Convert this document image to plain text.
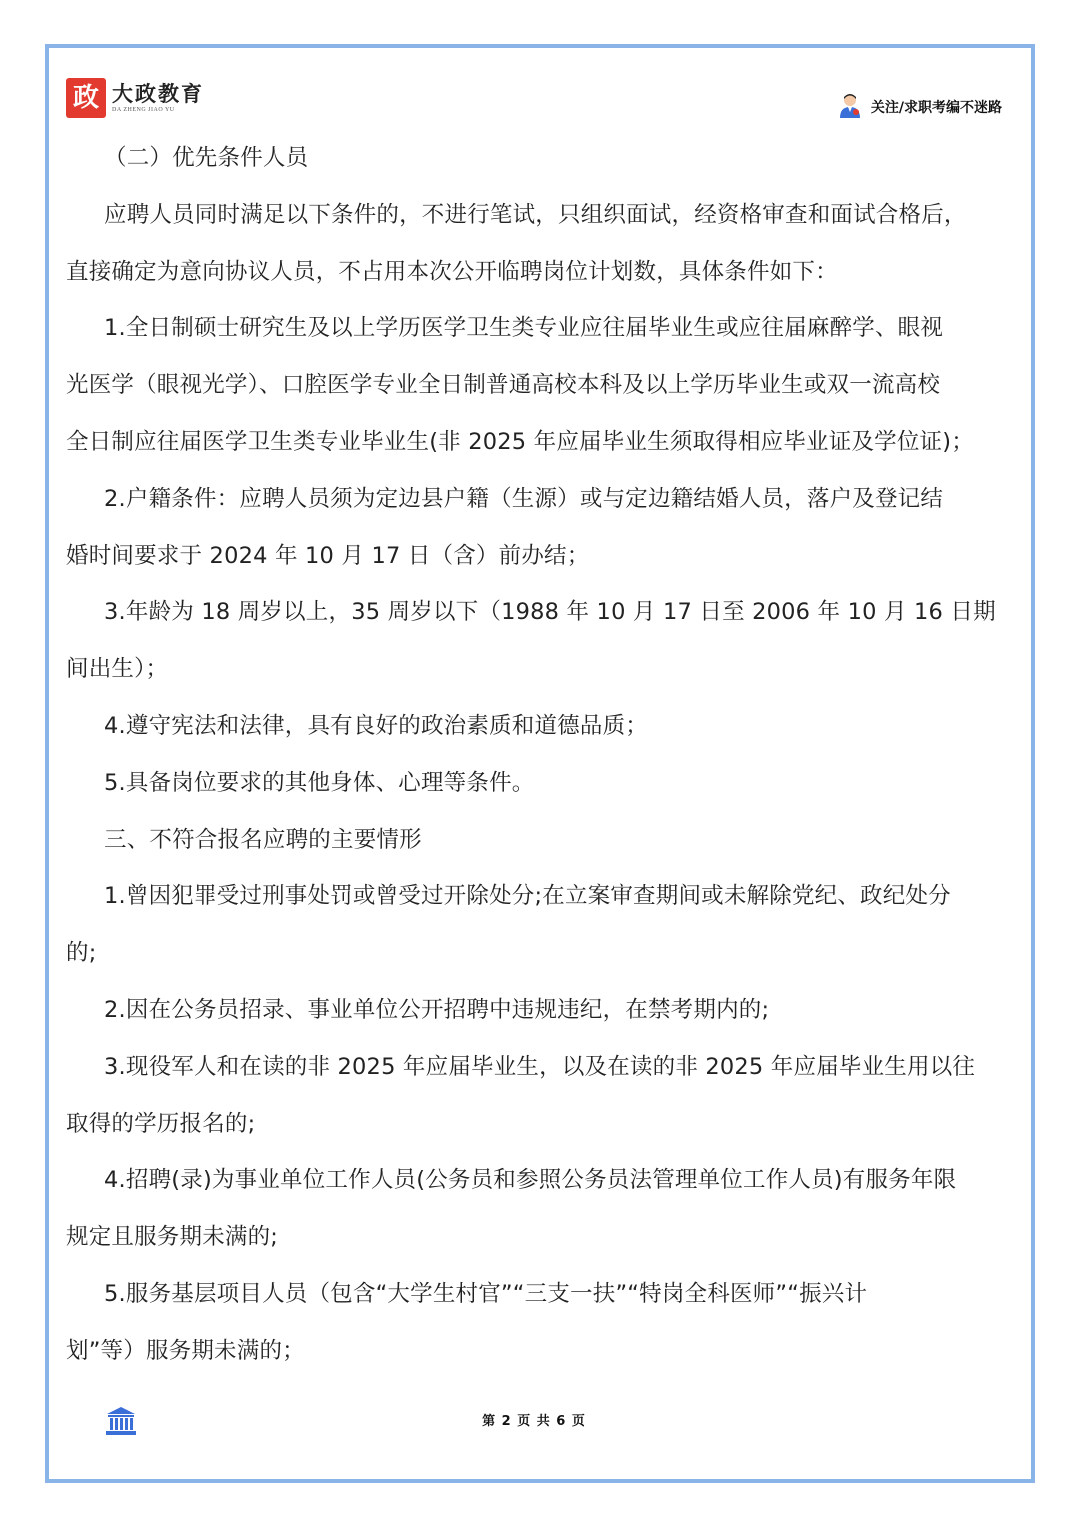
政 大政教育
DA ZHENG JIAO YU	关注/求职考编不迷路

（二）优先条件人员

应聘人员同时满足以下条件的，不进行笔试，只组织面试，经资格审查和面试合格后，

直接确定为意向协议人员，不占用本次公开临聘岗位计划数，具体条件如下：

1.全日制硕士研究生及以上学历医学卫生类专业应往届毕业生或应往届麻醉学、眼视

光医学（眼视光学）、口腔医学专业全日制普通高校本科及以上学历毕业生或双一流高校

全日制应往届医学卫生类专业毕业生(非 2025 年应届毕业生须取得相应毕业证及学位证)；

2.户籍条件：应聘人员须为定边县户籍（生源）或与定边籍结婚人员，落户及登记结

婚时间要求于 2024 年 10 月 17 日（含）前办结；

3.年龄为 18 周岁以上，35 周岁以下（1988 年 10 月 17 日至 2006 年 10 月 16 日期

间出生）；

4.遵守宪法和法律，具有良好的政治素质和道德品质；

5.具备岗位要求的其他身体、心理等条件。

三、不符合报名应聘的主要情形

1.曾因犯罪受过刑事处罚或曾受过开除处分;在立案审查期间或未解除党纪、政纪处分

的;

2.因在公务员招录、事业单位公开招聘中违规违纪，在禁考期内的;

3.现役军人和在读的非 2025 年应届毕业生，以及在读的非 2025 年应届毕业生用以往

取得的学历报名的;

4.招聘(录)为事业单位工作人员(公务员和参照公务员法管理单位工作人员)有服务年限

规定且服务期未满的;

5.服务基层项目人员（包含“大学生村官”“三支一扶”“特岗全科医师”“振兴计

划”等）服务期未满的；

第 2 页 共 6 页
